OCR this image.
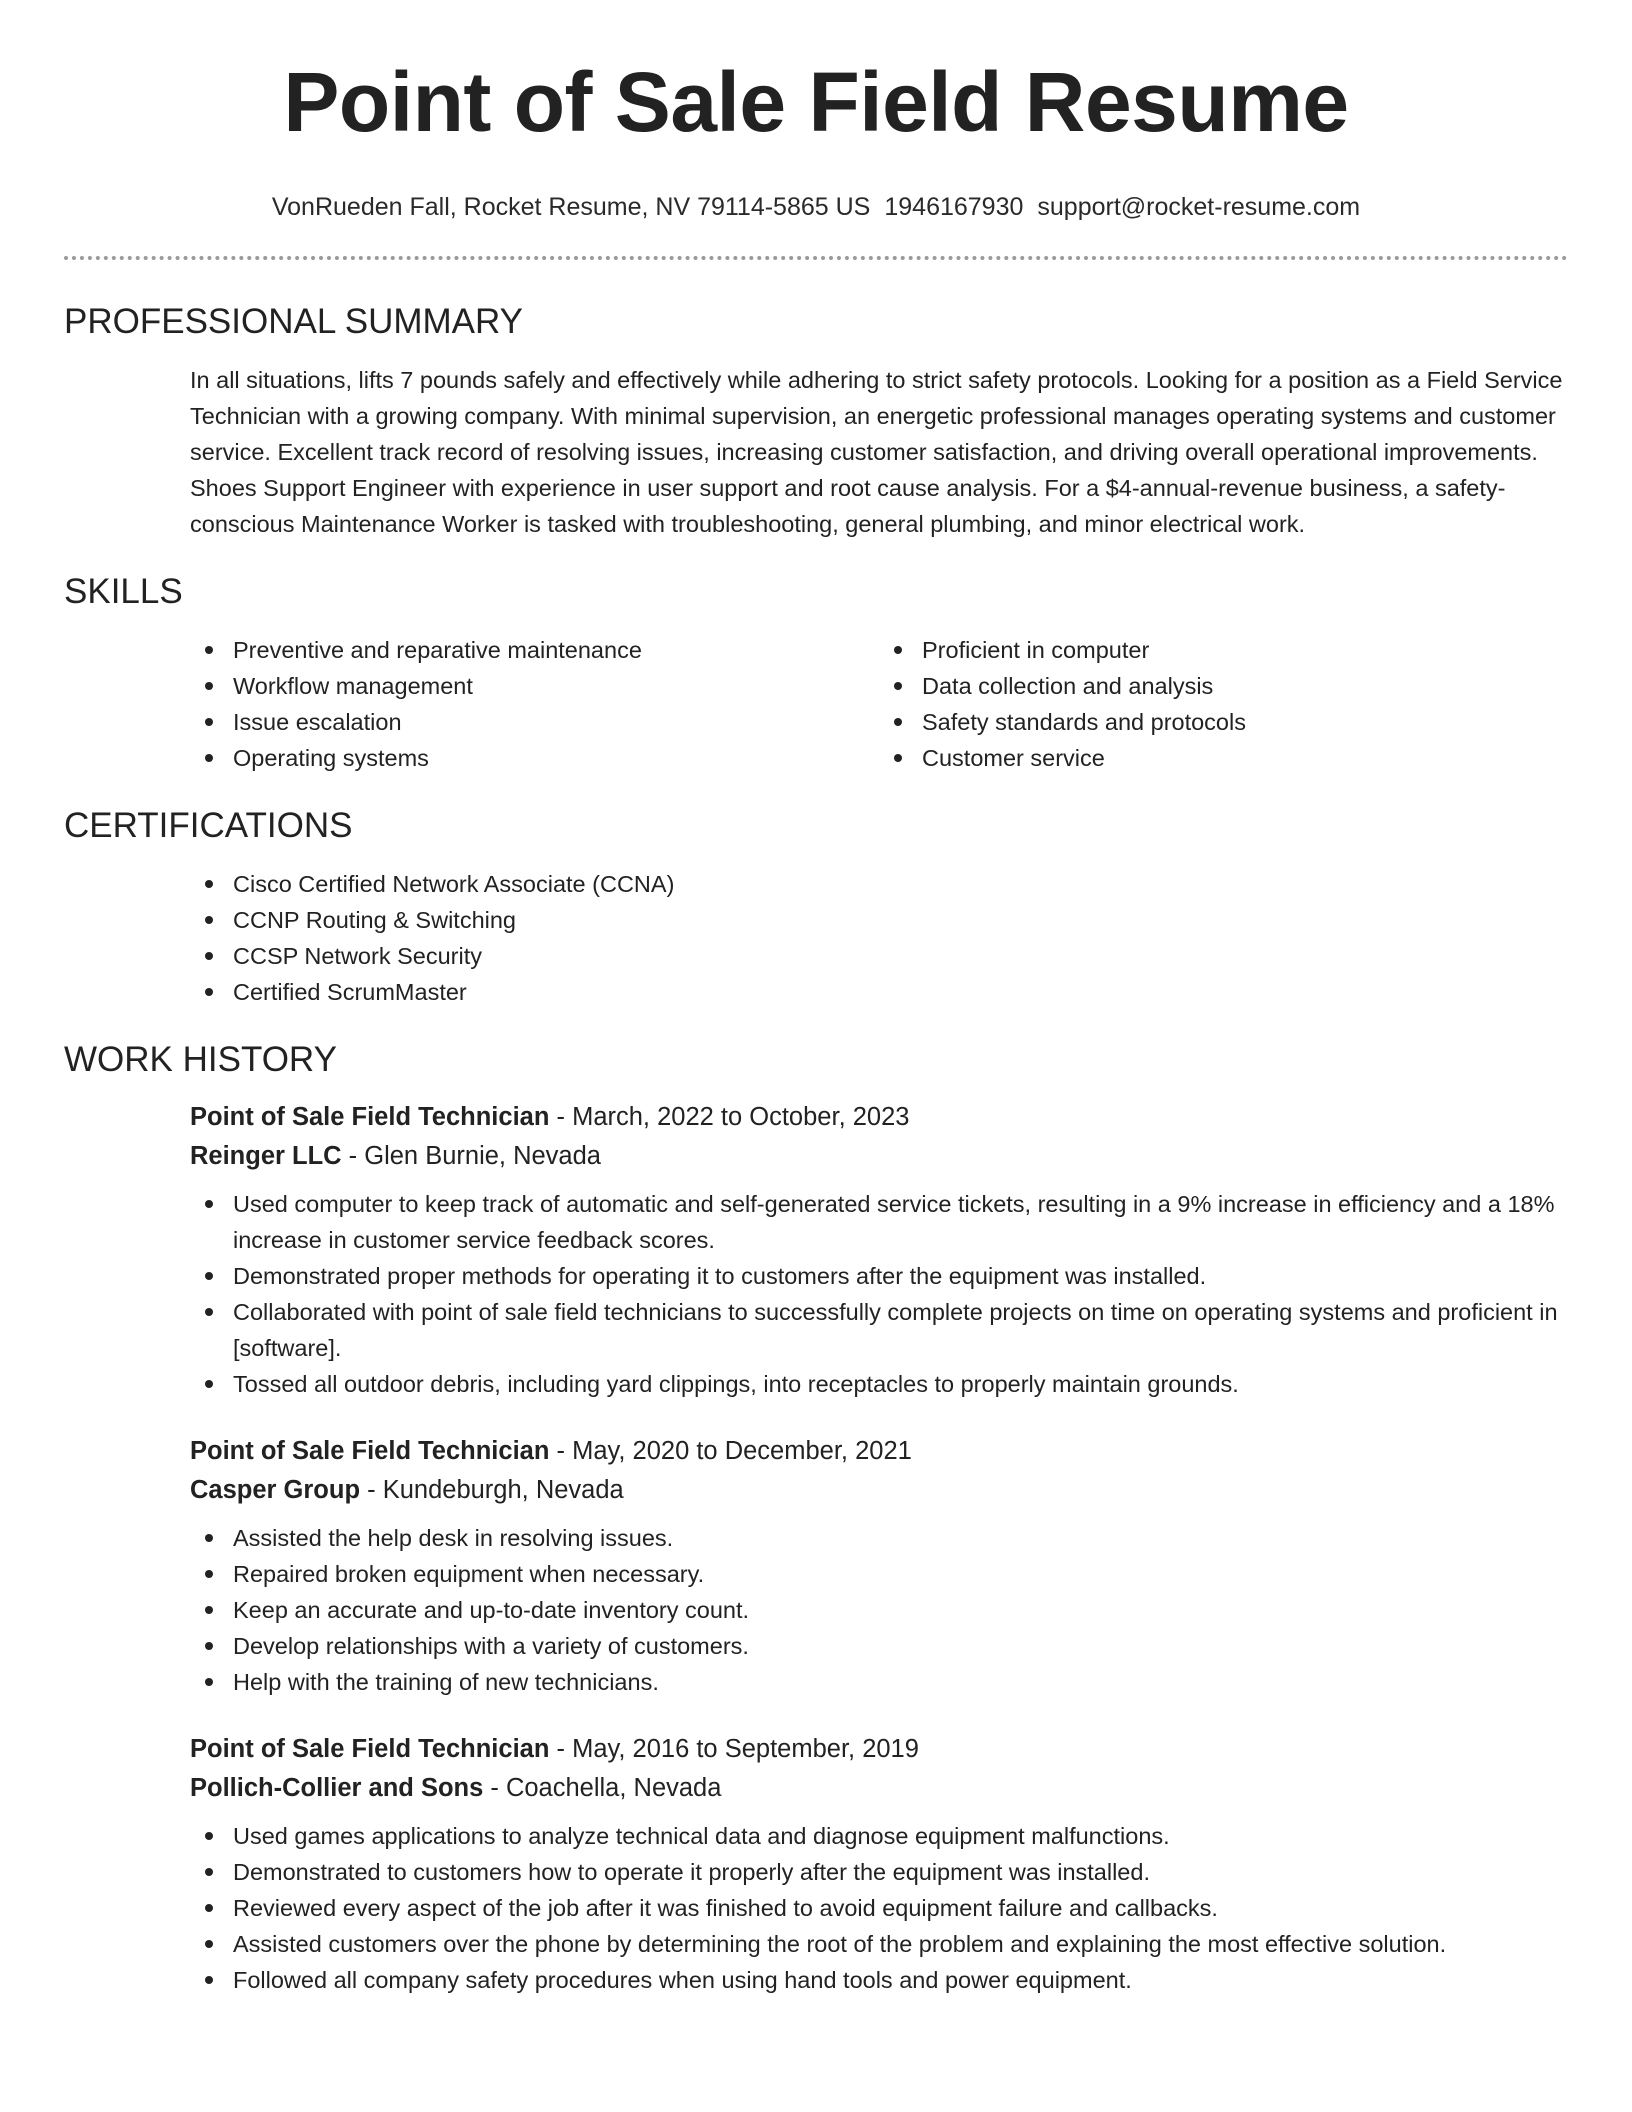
Point of Sale Field Resume
VonRueden Fall, Rocket Resume, NV 79114-5865 US 1946167930 support@rocket-resume.com
PROFESSIONAL SUMMARY

In all situations, lifts 7 pounds safely and effectively while adhering to strict safety protocols. Looking for a position as a Field Service Technician with a growing company. With minimal supervision, an energetic professional manages operating systems and customer service. Excellent track record of resolving issues, increasing customer satisfaction, and driving overall operational improvements. Shoes Support Engineer with experience in user support and root cause analysis. For a $4-annual-revenue business, a safety-conscious Maintenance Worker is tasked with troubleshooting, general plumbing, and minor electrical work.

SKILLS
Preventive and reparative maintenance
Workflow management
Issue escalation
Operating systems
Proficient in computer
Data collection and analysis
Safety standards and protocols
Customer service
CERTIFICATIONS
Cisco Certified Network Associate (CCNA)
CCNP Routing & Switching
CCSP Network Security
Certified ScrumMaster
WORK HISTORY
Point of Sale Field Technician - March, 2022 to October, 2023
Reinger LLC - Glen Burnie, Nevada
Used computer to keep track of automatic and self-generated service tickets, resulting in a 9% increase in efficiency and a 18% increase in customer service feedback scores.
Demonstrated proper methods for operating it to customers after the equipment was installed.
Collaborated with point of sale field technicians to successfully complete projects on time on operating systems and proficient in [software].
Tossed all outdoor debris, including yard clippings, into receptacles to properly maintain grounds.
Point of Sale Field Technician - May, 2020 to December, 2021
Casper Group - Kundeburgh, Nevada
Assisted the help desk in resolving issues.
Repaired broken equipment when necessary.
Keep an accurate and up-to-date inventory count.
Develop relationships with a variety of customers.
Help with the training of new technicians.
Point of Sale Field Technician - May, 2016 to September, 2019
Pollich-Collier and Sons - Coachella, Nevada
Used games applications to analyze technical data and diagnose equipment malfunctions.
Demonstrated to customers how to operate it properly after the equipment was installed.
Reviewed every aspect of the job after it was finished to avoid equipment failure and callbacks.
Assisted customers over the phone by determining the root of the problem and explaining the most effective solution.
Followed all company safety procedures when using hand tools and power equipment.
